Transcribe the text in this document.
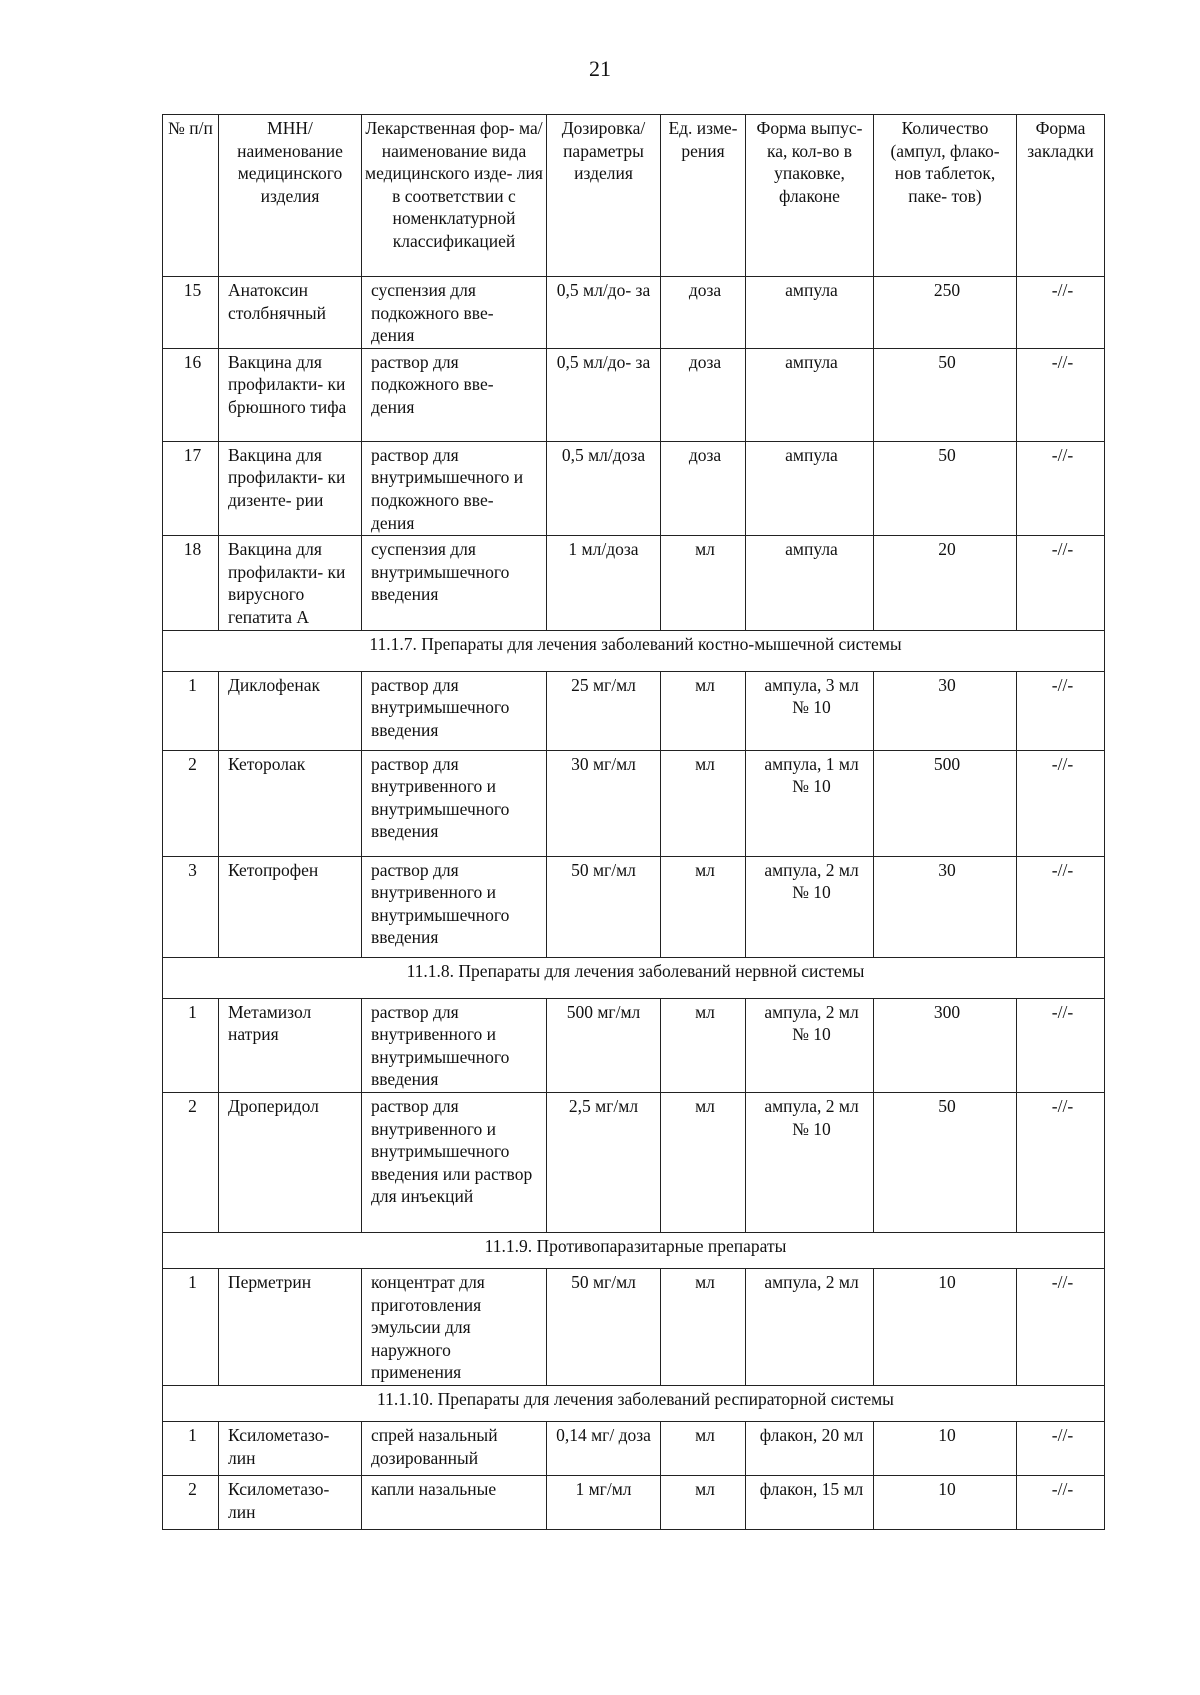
21
№ п/п	МНН/ наименование медицинского изделия	Лекарственная фор- ма/ наименование вида медицинского изде- лия в соответствии с номенклатурной классификацией	Дозировка/ параметры изделия	Ед. изме- рения	Форма выпус- ка, кол-во в упаковке, флаконе	Количество (ампул, флако- нов таблеток, паке- тов)	Форма закладки
15	Анатоксин столбнячный	суспензия для подкожного вве- дения	0,5 мл/до- за	доза	ампула	250	-//-
16	Вакцина для профилакти- ки брюшного тифа	раствор для подкожного вве- дения	0,5 мл/до- за	доза	ампула	50	-//-
17	Вакцина для профилакти- ки дизенте- рии	раствор для внутримышечного и подкожного вве- дения	0,5 мл/доза	доза	ампула	50	-//-
18	Вакцина для профилакти- ки вирусного гепатита А	суспензия для внутримышечного введения	1 мл/доза	мл	ампула	20	-//-
11.1.7. Препараты для лечения заболеваний костно-мышечной системы							
1	Диклофенак	раствор для внутримышечного введения	25 мг/мл	мл	ампула, 3 мл № 10	30	-//-
2	Кеторолак	раствор для внутривенного и внутримышечного введения	30 мг/мл	мл	ампула, 1 мл № 10	500	-//-
3	Кетопрофен	раствор для внутривенного и внутримышечного введения	50 мг/мл	мл	ампула, 2 мл № 10	30	-//-
11.1.8. Препараты для лечения заболеваний нервной системы							
1	Метамизол натрия	раствор для внутривенного и внутримышечного введения	500 мг/мл	мл	ампула, 2 мл № 10	300	-//-
2	Дроперидол	раствор для внутривенного и внутримышечного введения или раствор для инъекций	2,5 мг/мл	мл	ампула, 2 мл № 10	50	-//-
11.1.9. Противопаразитарные препараты							
1	Перметрин	концентрат для приготовления эмульсии для наружного применения	50 мг/мл	мл	ампула, 2 мл	10	-//-
11.1.10. Препараты для лечения заболеваний респираторной системы							
1	Ксилометазо- лин	спрей назальный дозированный	0,14 мг/ доза	мл	флакон, 20 мл	10	-//-
2	Ксилометазо- лин	капли назальные	1 мг/мл	мл	флакон, 15 мл	10	-//-
